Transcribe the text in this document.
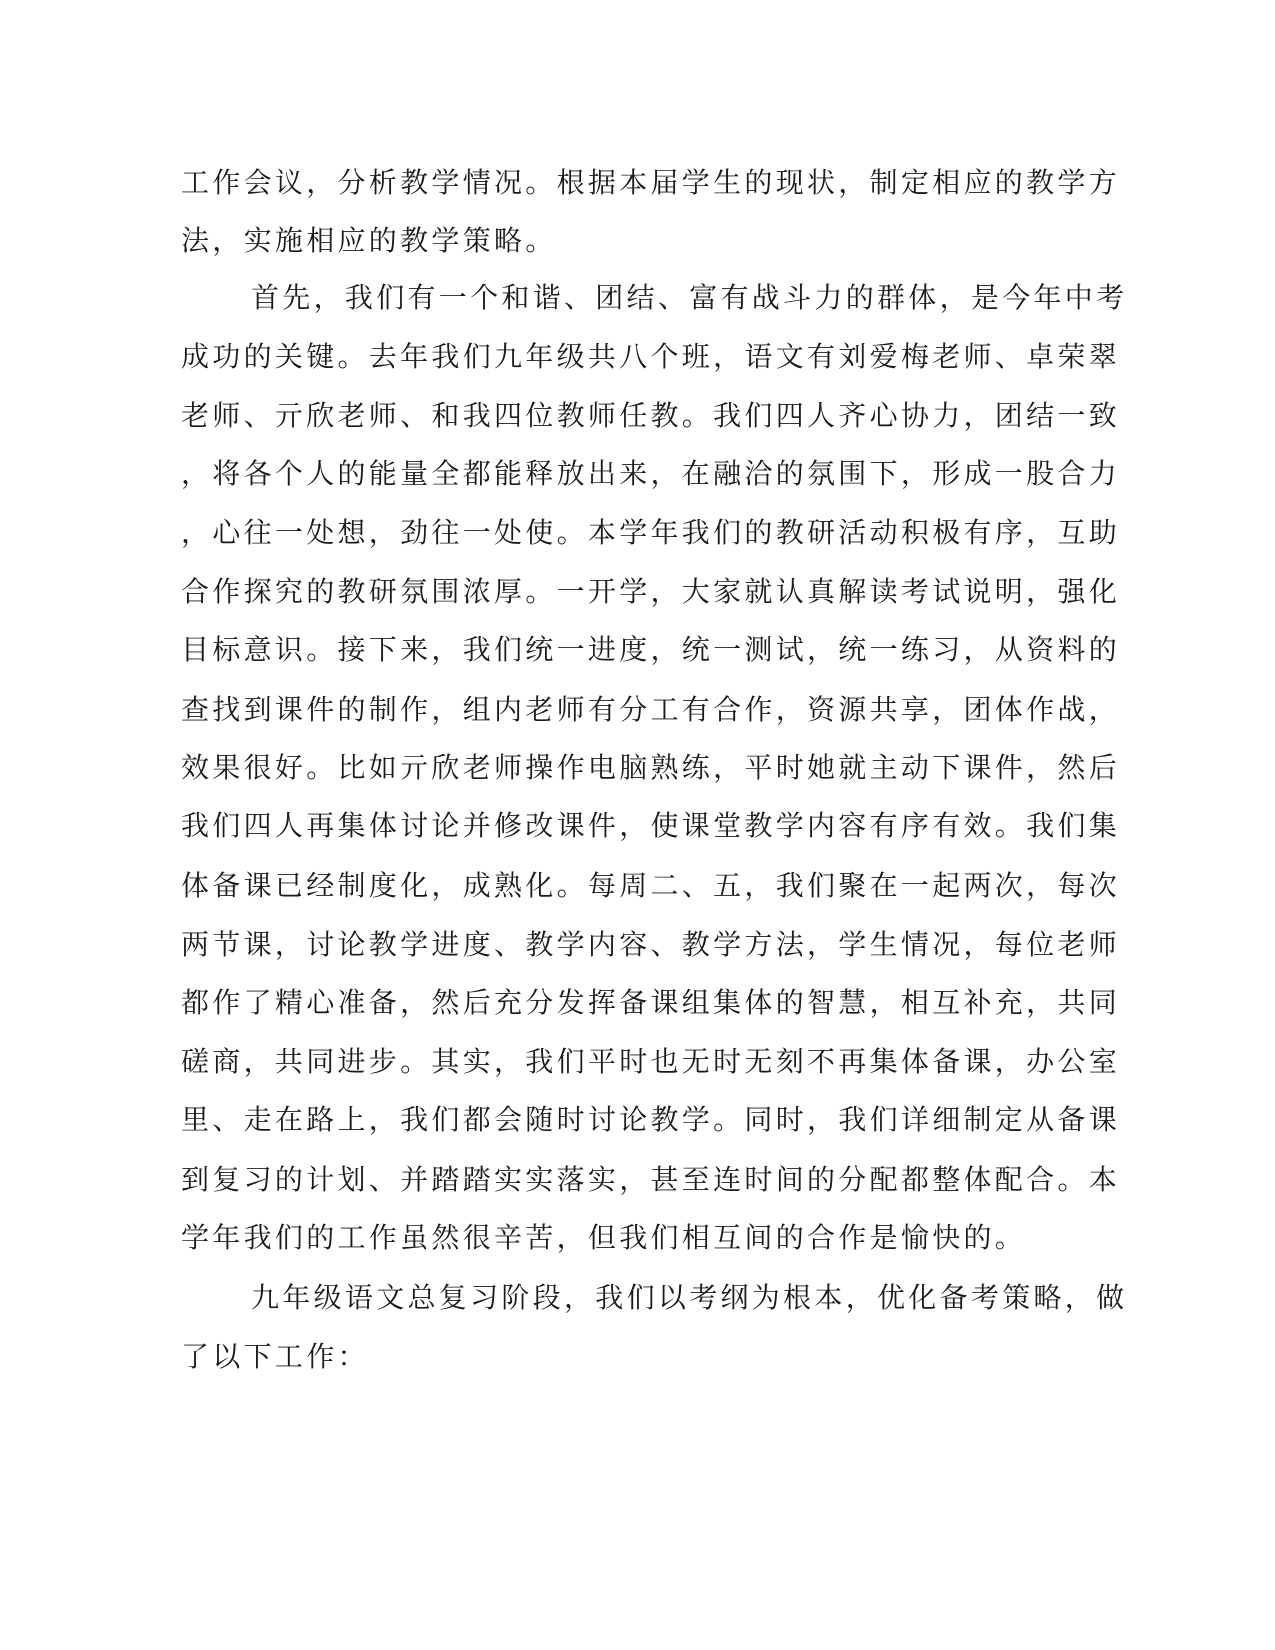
工作会议，分析教学情况。根据本届学生的现状，制定相应的教学方
法，实施相应的教学策略。
首先，我们有一个和谐、团结、富有战斗力的群体，是今年中考
成功的关键。去年我们九年级共八个班，语文有刘爱梅老师、卓荣翠
老师、亓欣老师、和我四位教师任教。我们四人齐心协力，团结一致
，将各个人的能量全都能释放出来，在融洽的氛围下，形成一股合力
，心往一处想，劲往一处使。本学年我们的教研活动积极有序，互助
合作探究的教研氛围浓厚。一开学，大家就认真解读考试说明，强化
目标意识。接下来，我们统一进度，统一测试，统一练习，从资料的
查找到课件的制作，组内老师有分工有合作，资源共享，团体作战，
效果很好。比如亓欣老师操作电脑熟练，平时她就主动下课件，然后
我们四人再集体讨论并修改课件，使课堂教学内容有序有效。我们集
体备课已经制度化，成熟化。每周二、五，我们聚在一起两次，每次
两节课，讨论教学进度、教学内容、教学方法，学生情况，每位老师
都作了精心准备，然后充分发挥备课组集体的智慧，相互补充，共同
磋商，共同进步。其实，我们平时也无时无刻不再集体备课，办公室
里、走在路上，我们都会随时讨论教学。同时，我们详细制定从备课
到复习的计划、并踏踏实实落实，甚至连时间的分配都整体配合。本
学年我们的工作虽然很辛苦，但我们相互间的合作是愉快的。
九年级语文总复习阶段，我们以考纲为根本，优化备考策略，做
了以下工作：
